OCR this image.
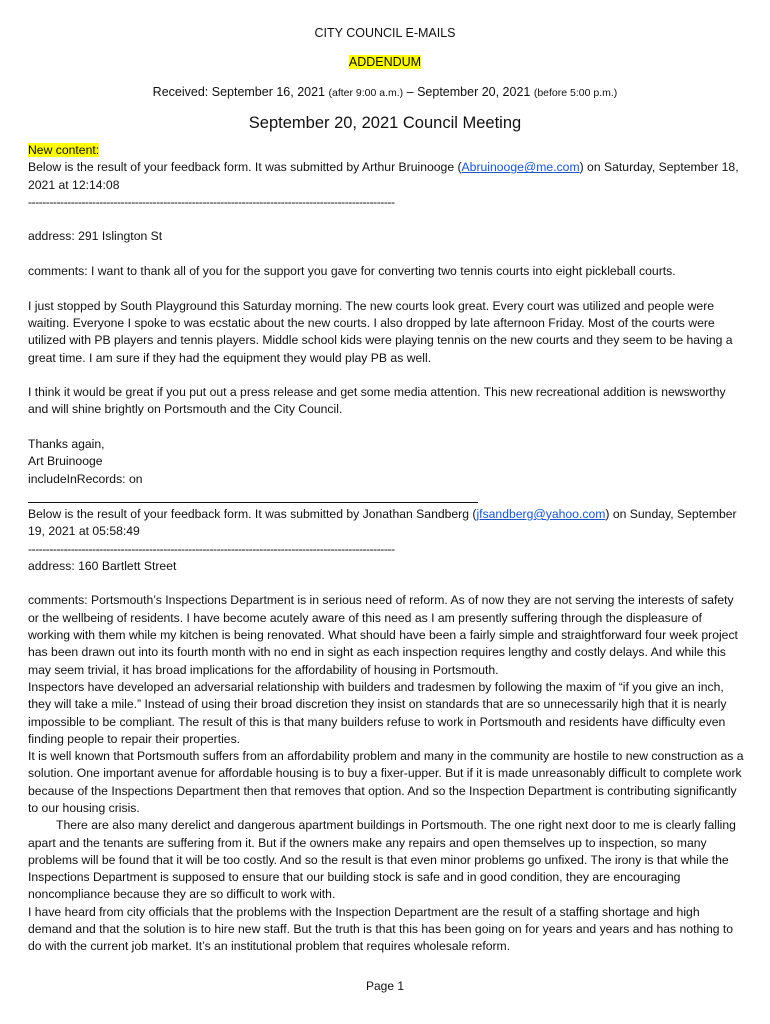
CITY COUNCIL E-MAILS
ADDENDUM
Received: September 16, 2021 (after 9:00 a.m.) – September 20, 2021 (before 5:00 p.m.)
September 20, 2021 Council Meeting

New content:

Below is the result of your feedback form. It was submitted by Arthur Bruinooge (Abruinooge@me.com) on Saturday, September 18, 2021 at 12:14:08

-------------------------------------------------------------------------------------------------------

address: 291 Islington St

comments: I want to thank all of you for the support you gave for converting two tennis courts into eight pickleball courts.

I just stopped by South Playground this Saturday morning. The new courts look great. Every court was utilized and people were waiting. Everyone I spoke to was ecstatic about the new courts. I also dropped by late afternoon Friday. Most of the courts were utilized with PB players and tennis players. Middle school kids were playing tennis on the new courts and they seem to be having a great time. I am sure if they had the equipment they would play PB as well.

I think it would be great if you put out a press release and get some media attention. This new recreational addition is newsworthy and will shine brightly on Portsmouth and the City Council.

Thanks again,

Art Bruinooge

includeInRecords: on

Below is the result of your feedback form. It was submitted by Jonathan Sandberg (jfsandberg@yahoo.com) on Sunday, September 19, 2021 at 05:58:49

-------------------------------------------------------------------------------------------------------

address: 160 Bartlett Street

comments: Portsmouth’s Inspections Department is in serious need of reform. As of now they are not serving the interests of safety or the wellbeing of residents. I have become acutely aware of this need as I am presently suffering through the displeasure of working with them while my kitchen is being renovated. What should have been a fairly simple and straightforward four week project has been drawn out into its fourth month with no end in sight as each inspection requires lengthy and costly delays. And while this may seem trivial, it has broad implications for the affordability of housing in Portsmouth.

Inspectors have developed an adversarial relationship with builders and tradesmen by following the maxim of “if you give an inch, they will take a mile.” Instead of using their broad discretion they insist on standards that are so unnecessarily high that it is nearly impossible to be compliant. The result of this is that many builders refuse to work in Portsmouth and residents have difficulty even finding people to repair their properties.

It is well known that Portsmouth suffers from an affordability problem and many in the community are hostile to new construction as a solution. One important avenue for affordable housing is to buy a fixer-upper. But if it is made unreasonably difficult to complete work because of the Inspections Department then that removes that option. And so the Inspection Department is contributing significantly to our housing crisis.

There are also many derelict and dangerous apartment buildings in Portsmouth. The one right next door to me is clearly falling apart and the tenants are suffering from it. But if the owners make any repairs and open themselves up to inspection, so many problems will be found that it will be too costly. And so the result is that even minor problems go unfixed. The irony is that while the Inspections Department is supposed to ensure that our building stock is safe and in good condition, they are encouraging noncompliance because they are so difficult to work with.

I have heard from city officials that the problems with the Inspection Department are the result of a staffing shortage and high demand and that the solution is to hire new staff. But the truth is that this has been going on for years and years and has nothing to do with the current job market. It’s an institutional problem that requires wholesale reform.

Page 1
